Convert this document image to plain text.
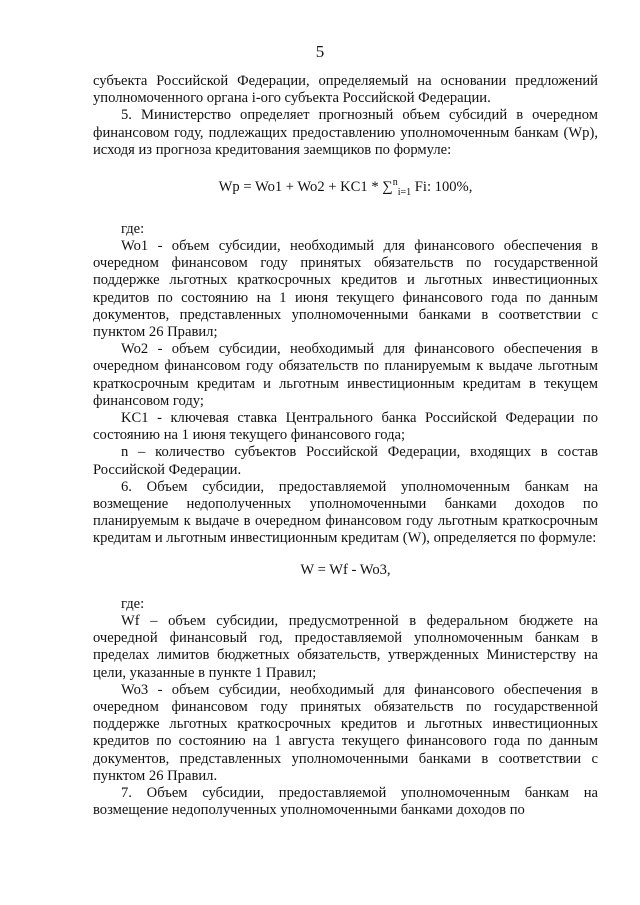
5

субъекта Российской Федерации, определяемый на основании предложений уполномоченного органа i-ого субъекта Российской Федерации.

5. Министерство определяет прогнозный объем субсидий в очередном финансовом году, подлежащих предоставлению уполномоченным банкам (Wp), исходя из прогноза кредитования заемщиков по формуле:

Wp = Wo1 + Wo2 + KC1 * ∑$^n_{i=1}$ Fi: 100%,

где:

Wo1 - объем субсидии, необходимый для финансового обеспечения в очередном финансовом году принятых обязательств по государственной поддержке льготных краткосрочных кредитов и льготных инвестиционных кредитов по состоянию на 1 июня текущего финансового года по данным документов, представленных уполномоченными банками в соответствии с пунктом 26 Правил;

Wo2 - объем субсидии, необходимый для финансового обеспечения в очередном финансовом году обязательств по планируемым к выдаче льготным краткосрочным кредитам и льготным инвестиционным кредитам в текущем финансовом году;

KC1 - ключевая ставка Центрального банка Российской Федерации по состоянию на 1 июня текущего финансового года;

n – количество субъектов Российской Федерации, входящих в состав Российской Федерации.

6. Объем субсидии, предоставляемой уполномоченным банкам на возмещение недополученных уполномоченными банками доходов по планируемым к выдаче в очередном финансовом году льготным краткосрочным кредитам и льготным инвестиционным кредитам (W), определяется по формуле:

W = Wf - Wo3,

где:

Wf – объем субсидии, предусмотренной в федеральном бюджете на очередной финансовый год, предоставляемой уполномоченным банкам в пределах лимитов бюджетных обязательств, утвержденных Министерству на цели, указанные в пункте 1 Правил;

Wo3 - объем субсидии, необходимый для финансового обеспечения в очередном финансовом году принятых обязательств по государственной поддержке льготных краткосрочных кредитов и льготных инвестиционных кредитов по состоянию на 1 августа текущего финансового года по данным документов, представленных уполномоченными банками в соответствии с пунктом 26 Правил.

7. Объем субсидии, предоставляемой уполномоченным банкам на возмещение недополученных уполномоченными банками доходов по
